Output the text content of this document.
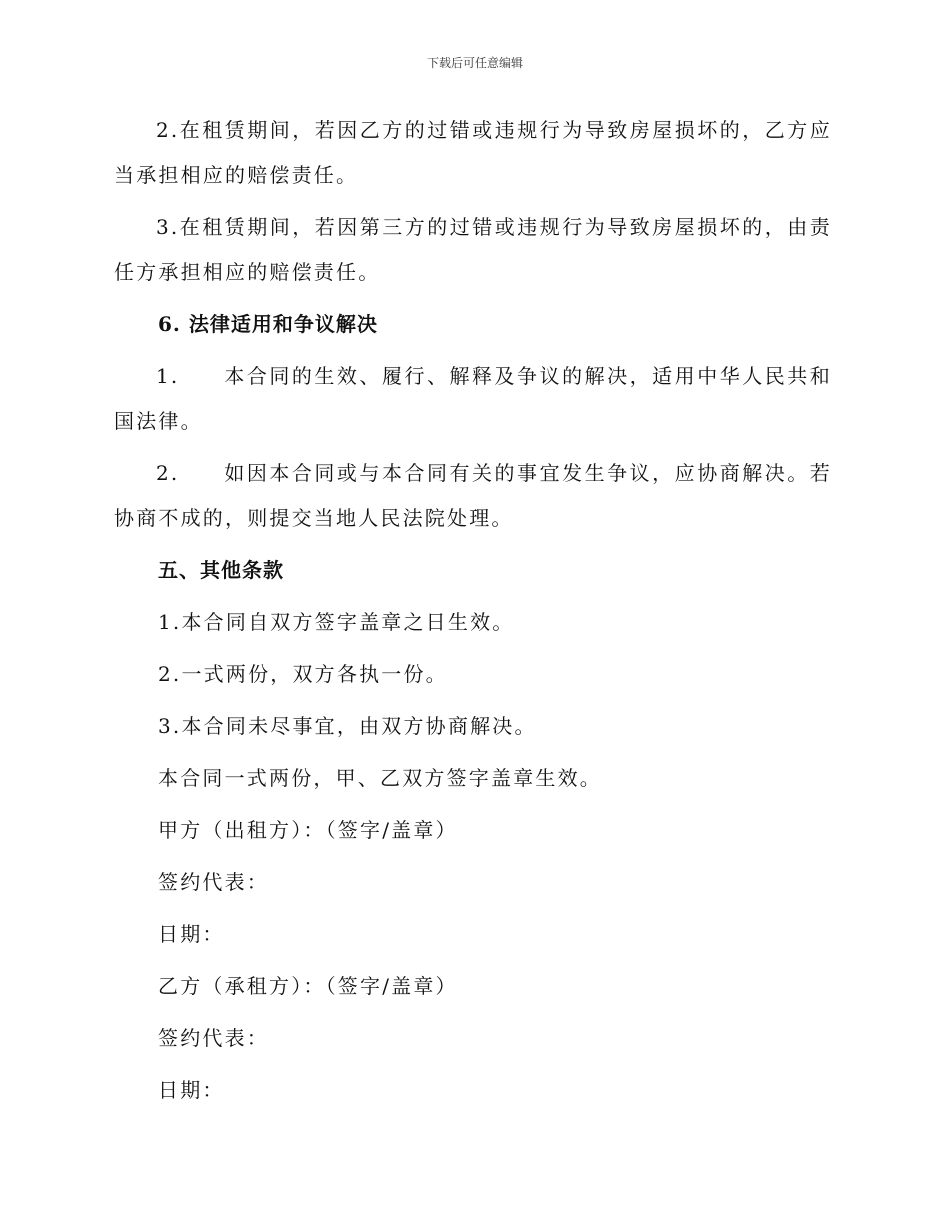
下载后可任意编辑

2.在租赁期间，若因乙方的过错或违规行为导致房屋损坏的，乙方应当承担相应的赔偿责任。

3.在租赁期间，若因第三方的过错或违规行为导致房屋损坏的，由责任方承担相应的赔偿责任。

6. 法律适用和争议解决

1. 本合同的生效、履行、解释及争议的解决，适用中华人民共和国法律。

2. 如因本合同或与本合同有关的事宜发生争议，应协商解决。若协商不成的，则提交当地人民法院处理。

五、其他条款

1.本合同自双方签字盖章之日生效。

2.一式两份，双方各执一份。

3.本合同未尽事宜，由双方协商解决。

本合同一式两份，甲、乙双方签字盖章生效。

甲方（出租方）：（签字/盖章）

签约代表：

日期：

乙方（承租方）：（签字/盖章）

签约代表：

日期：
